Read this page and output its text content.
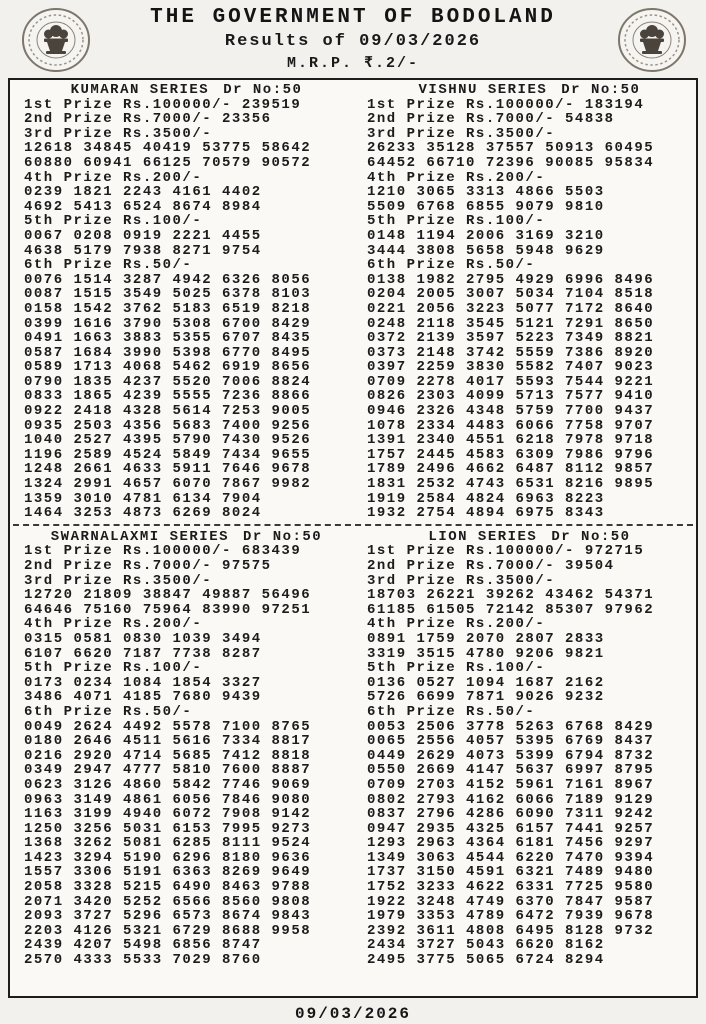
THE GOVERNMENT OF BODOLAND
Results of 09/03/2026
M.R.P. ₹.2/-
KUMARAN SERIES Dr No:50
1st Prize Rs.100000/- 239519
2nd Prize Rs.7000/- 23356
3rd Prize Rs.3500/-
12618 34845 40419 53775 58642
60880 60941 66125 70579 90572
4th Prize Rs.200/-
0239 1821 2243 4161 4402
4692 5413 6524 8674 8984
5th Prize Rs.100/-
0067 0208 0919 2221 4455
4638 5179 7938 8271 9754
6th Prize Rs.50/-
0076 1514 3287 4942 6326 8056
0087 1515 3549 5025 6378 8103
0158 1542 3762 5183 6519 8218
0399 1616 3790 5308 6700 8429
0491 1663 3883 5355 6707 8435
0587 1684 3990 5398 6770 8495
0589 1713 4068 5462 6919 8656
0790 1835 4237 5520 7006 8824
0833 1865 4239 5555 7236 8866
0922 2418 4328 5614 7253 9005
0935 2503 4356 5683 7400 9256
1040 2527 4395 5790 7430 9526
1196 2589 4524 5849 7434 9655
1248 2661 4633 5911 7646 9678
1324 2991 4657 6070 7867 9982
1359 3010 4781 6134 7904
1464 3253 4873 6269 8024
VISHNU SERIES Dr No:50
1st Prize Rs.100000/- 183194
2nd Prize Rs.7000/- 54838
3rd Prize Rs.3500/-
26233 35128 37557 50913 60495
64452 66710 72396 90085 95834
4th Prize Rs.200/-
1210 3065 3313 4866 5503
5509 6768 6855 9079 9810
5th Prize Rs.100/-
0148 1194 2006 3169 3210
3444 3808 5658 5948 9629
6th Prize Rs.50/-
0138 1982 2795 4929 6996 8496
0204 2005 3007 5034 7104 8518
0221 2056 3223 5077 7172 8640
0248 2118 3545 5121 7291 8650
0372 2139 3597 5223 7349 8821
0373 2148 3742 5559 7386 8920
0397 2259 3830 5582 7407 9023
0709 2278 4017 5593 7544 9221
0826 2303 4099 5713 7577 9410
0946 2326 4348 5759 7700 9437
1078 2334 4483 6066 7758 9707
1391 2340 4551 6218 7978 9718
1757 2445 4583 6309 7986 9796
1789 2496 4662 6487 8112 9857
1831 2532 4743 6531 8216 9895
1919 2584 4824 6963 8223
1932 2754 4894 6975 8343
SWARNALAXMI SERIES Dr No:50
1st Prize Rs.100000/- 683439
2nd Prize Rs.7000/- 97575
3rd Prize Rs.3500/-
12720 21809 38847 49887 56496
64646 75160 75964 83990 97251
4th Prize Rs.200/-
0315 0581 0830 1039 3494
6107 6620 7187 7738 8287
5th Prize Rs.100/-
0173 0234 1084 1854 3327
3486 4071 4185 7680 9439
6th Prize Rs.50/-
0049 2624 4492 5578 7100 8765
0180 2646 4511 5616 7334 8817
0216 2920 4714 5685 7412 8818
0349 2947 4777 5810 7600 8887
0623 3126 4860 5842 7746 9069
0963 3149 4861 6056 7846 9080
1163 3199 4940 6072 7908 9142
1250 3256 5031 6153 7995 9273
1368 3262 5081 6285 8111 9524
1423 3294 5190 6296 8180 9636
1557 3306 5191 6363 8269 9649
2058 3328 5215 6490 8463 9788
2071 3420 5252 6566 8560 9808
2093 3727 5296 6573 8674 9843
2203 4126 5321 6729 8688 9958
2439 4207 5498 6856 8747
2570 4333 5533 7029 8760
LION SERIES Dr No:50
1st Prize Rs.100000/- 972715
2nd Prize Rs.7000/- 39504
3rd Prize Rs.3500/-
18703 26221 39262 43462 54371
61185 61505 72142 85307 97962
4th Prize Rs.200/-
0891 1759 2070 2807 2833
3319 3515 4780 9206 9821
5th Prize Rs.100/-
0136 0527 1094 1687 2162
5726 6699 7871 9026 9232
6th Prize Rs.50/-
0053 2506 3778 5263 6768 8429
0065 2556 4057 5395 6769 8437
0449 2629 4073 5399 6794 8732
0550 2669 4147 5637 6997 8795
0709 2703 4152 5961 7161 8967
0802 2793 4162 6066 7189 9129
0837 2796 4286 6090 7311 9242
0947 2935 4325 6157 7441 9257
1293 2963 4364 6181 7456 9297
1349 3063 4544 6220 7470 9394
1737 3150 4591 6321 7489 9480
1752 3233 4622 6331 7725 9580
1922 3248 4749 6370 7847 9587
1979 3353 4789 6472 7939 9678
2392 3611 4808 6495 8128 9732
2434 3727 5043 6620 8162
2495 3775 5065 6724 8294
09/03/2026
